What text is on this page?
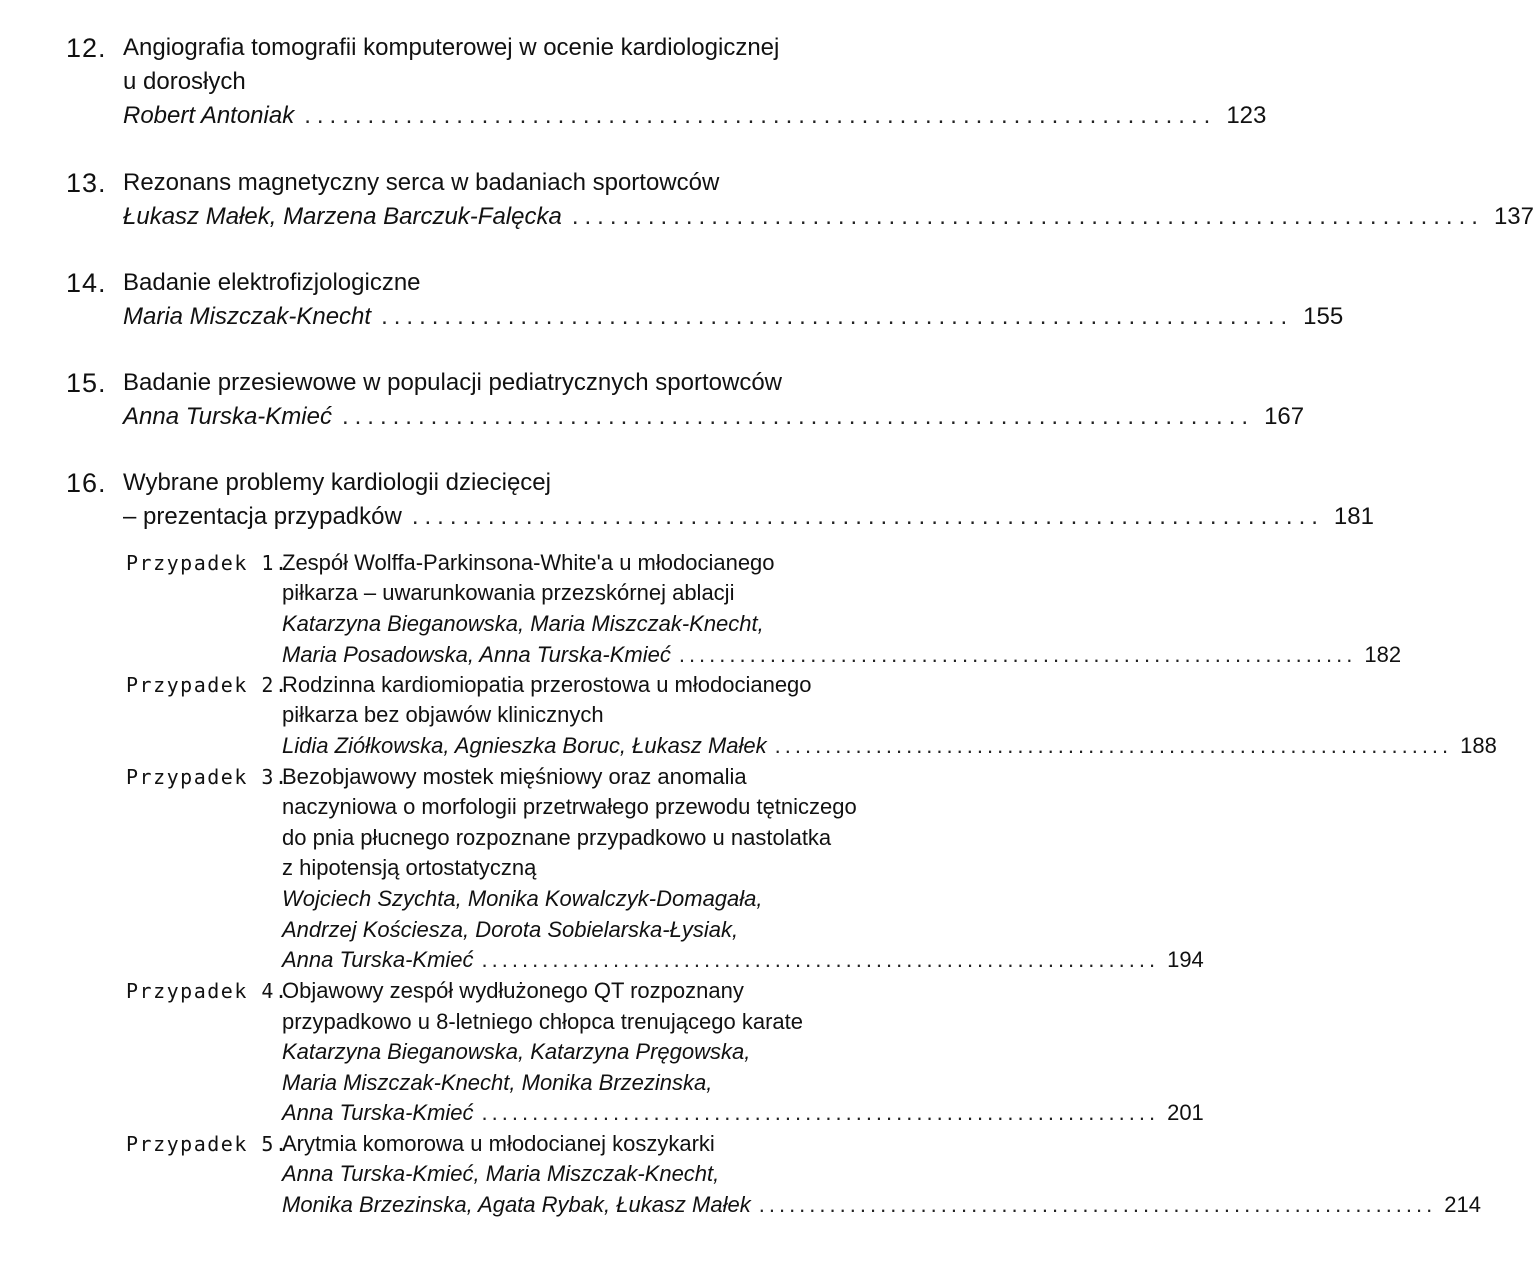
12. Angiografia tomografii komputerowej w ocenie kardiologicznej
u dorosłych
Robert Antoniak ........................................................................ 123
13. Rezonans magnetyczny serca w badaniach sportowców
Łukasz Małek, Marzena Barczuk-Falęcka ........................................................................ 137
14. Badanie elektrofizjologiczne
Maria Miszczak-Knecht ........................................................................ 155
15. Badanie przesiewowe w populacji pediatrycznych sportowców
Anna Turska-Kmieć ........................................................................ 167
16. Wybrane problemy kardiologii dziecięcej
– prezentacja przypadków ........................................................................ 181
Przypadek 1.
Zespół Wolffa-Parkinsona-White'a u młodocianego
piłkarza – uwarunkowania przezskórnej ablacji
Katarzyna Bieganowska, Maria Miszczak-Knecht,
Maria Posadowska, Anna Turska-Kmieć ................................................................... 182
Przypadek 2.
Rodzinna kardiomiopatia przerostowa u młodocianego
piłkarza bez objawów klinicznych
Lidia Ziółkowska, Agnieszka Boruc, Łukasz Małek ................................................................... 188
Przypadek 3.
Bezobjawowy mostek mięśniowy oraz anomalia
naczyniowa o morfologii przetrwałego przewodu tętniczego
do pnia płucnego rozpoznane przypadkowo u nastolatka
z hipotensją ortostatyczną
Wojciech Szychta, Monika Kowalczyk-Domagała,
Andrzej Kościesza, Dorota Sobielarska-Łysiak,
Anna Turska-Kmieć ................................................................... 194
Przypadek 4.
Objawowy zespół wydłużonego QT rozpoznany
przypadkowo u 8-letniego chłopca trenującego karate
Katarzyna Bieganowska, Katarzyna Pręgowska,
Maria Miszczak-Knecht, Monika Brzezinska,
Anna Turska-Kmieć ................................................................... 201
Przypadek 5.
Arytmia komorowa u młodocianej koszykarki
Anna Turska-Kmieć, Maria Miszczak-Knecht,
Monika Brzezinska, Agata Rybak, Łukasz Małek ................................................................... 214
